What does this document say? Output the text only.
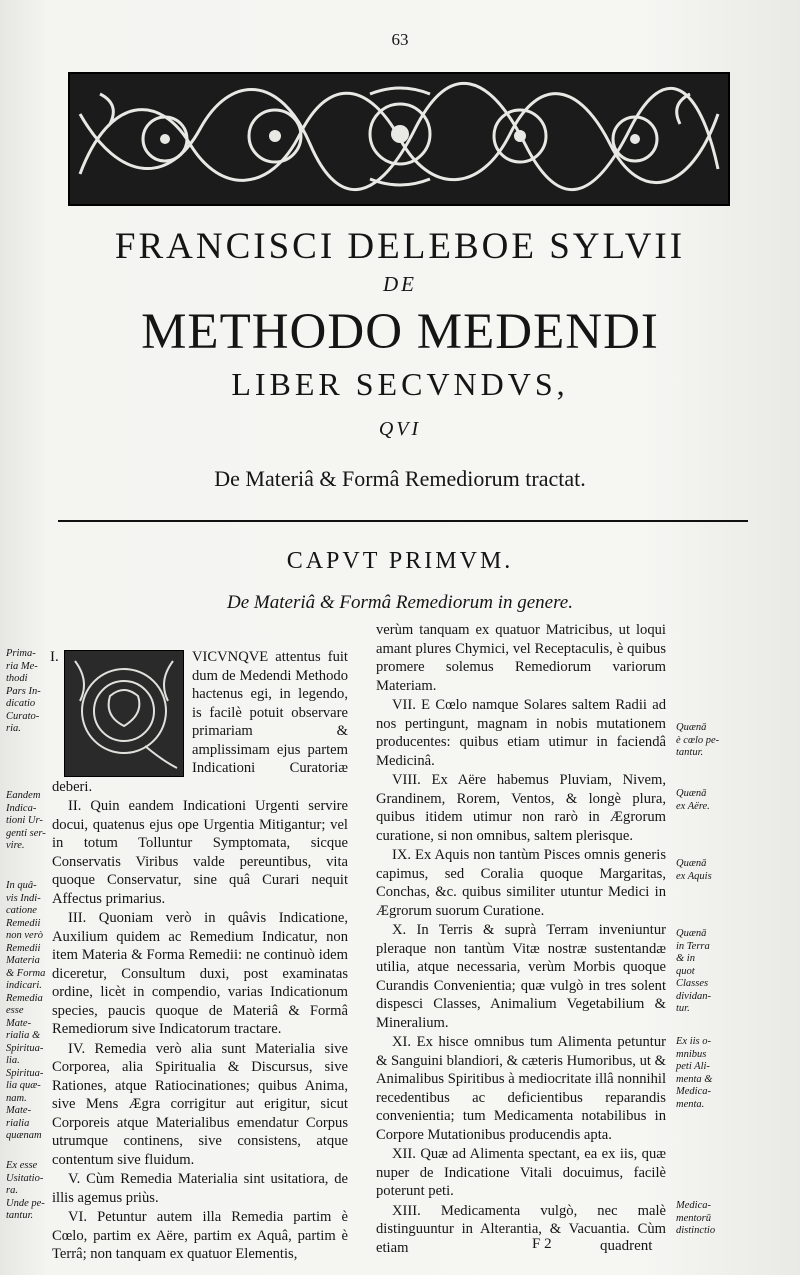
63
FRANCISCI DELEBOE SYLVII
DE
METHODO MEDENDI
LIBER SECVNDVS,
QVI
De Materiâ & Formâ Remediorum tractat.
CAPVT PRIMVM.
De Materiâ & Formâ Remediorum in genere.
I.	VICVNQVE attentus fuit dum de Medendi Methodo hactenus egi, in legendo, is facilè potuit observare primariam & amplissimam ejus partem Indicationi Curatoriæ deberi.

II. Quin eandem Indicationi Urgenti servire docui, quatenus ejus ope Urgentia Mitigantur; vel in totum Tolluntur Symptomata, sicque Conservatis Viribus valde pereuntibus, vita quoque Conservatur, sine quâ Curari nequit Affectus primarius.

III. Quoniam verò in quâvis Indicatione, Auxilium quidem ac Remedium Indicatur, non item Materia & Forma Remedii: ne continuò idem diceretur, Consultum duxi, post examinatas ordine, licèt in compendio, varias Indicationum species, paucis quoque de Materiâ & Formâ Remediorum sive Indicatorum tractare.

IV. Remedia verò alia sunt Materialia sive Corporea, alia Spiritualia & Discursus, sive Rationes, atque Ratiocinationes; quibus Anima, sive Mens Ægra corrigitur aut erigitur, sicut Corporeis atque Materialibus emendatur Corpus utrumque continens, sive consistens, atque contentum sive fluidum.

V. Cùm Remedia Materialia sint usitatiora, de illis agemus priùs.

VI. Petuntur autem illa Remedia partim è Cœlo, partim ex Aëre, partim ex Aquâ, partim è Terrâ; non tanquam ex quatuor Elementis,

verùm tanquam ex quatuor Matricibus, ut loqui amant plures Chymici, vel Receptaculis, è quibus promere solemus Remediorum variorum Materiam.

VII. E Cœlo namque Solares saltem Radii ad nos pertingunt, magnam in nobis mutationem producentes: quibus etiam utimur in faciendâ Medicinâ.

VIII. Ex Aëre habemus Pluviam, Nivem, Grandinem, Rorem, Ventos, & longè plura, quibus itidem utimur non rarò in Ægrorum curatione, si non omnibus, saltem plerisque.

IX. Ex Aquis non tantùm Pisces omnis generis capimus, sed Coralia quoque Margaritas, Conchas, &c. quibus similiter utuntur Medici in Ægrorum suorum Curatione.

X. In Terris & suprà Terram inveniuntur pleraque non tantùm Vitæ nostræ sustentandæ utilia, atque necessaria, verùm Morbis quoque Curandis Convenientia; quæ vulgò in tres solent dispesci Classes, Animalium Vegetabilium & Mineralium.

XI. Ex hisce omnibus tum Alimenta petuntur & Sanguini blandiori, & cæteris Humoribus, ut & Animalibus Spiritibus à mediocritate illâ nonnihil recedentibus ac deficientibus reparandis convenientia; tum Medicamenta notabilibus in Corpore Mutationibus producendis apta.

XII. Quæ ad Alimenta spectant, ea ex iis, quæ nuper de Indicatione Vitali docuimus, facilè poterunt peti.

XIII. Medicamenta vulgò, nec malè distinguuntur in Alterantia, & Vacuantia. Cùm etiam

Prima-
ria Me-
thodi
Pars In-
dicatio
Curato-
ria.
Eandem
Indica-
tioni Ur-
genti ser-
vire.
In quâ-
vis Indi-
catione
Remedii
non verò
Remedii
Materia
& Forma
indicari.
Remedia
esse Mate-
rialia &
Spiritua-
lia.
Spiritua-
lia quæ-
nam.
Mate-
rialia
quænam
Ex esse
Usitatio-
ra.
Unde pe-
tantur.
Quænā
è cœlo pe-
tantur.
Quænā
ex Aëre.
Quænā
ex Aquis
Quænā
in Terra
& in
quot
Classes
dividan-
tur.
Ex iis o-
mnibus
peti Ali-
menta &
Medica-
menta.
Medica-
mentorū
distinctio
F 2	quadrent
